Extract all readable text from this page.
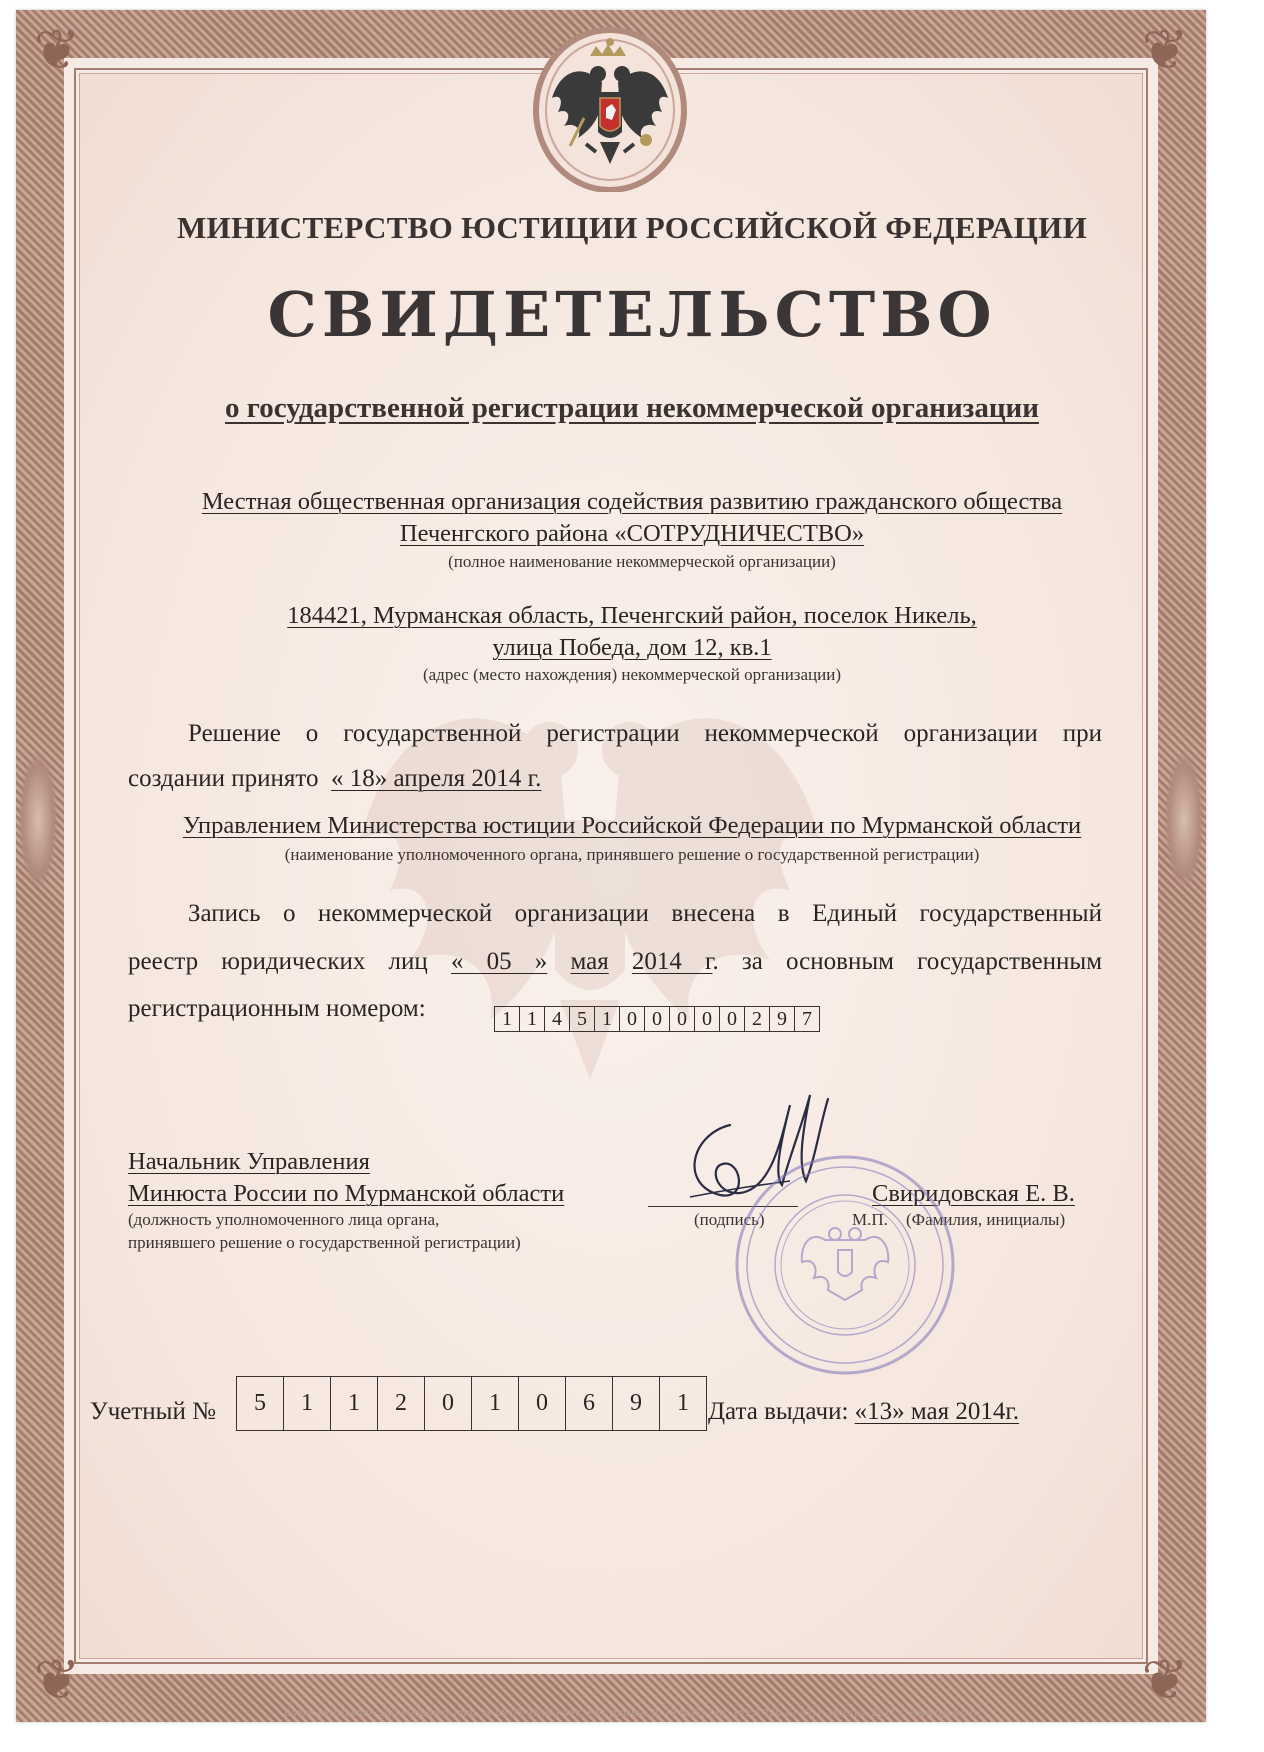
❦	❦
❦	❦
МИНИСТЕРСТВО ЮСТИЦИИ РОССИЙСКОЙ ФЕДЕРАЦИИ
СВИДЕТЕЛЬСТВО
о государственной регистрации некоммерческой организации
Местная общественная организация содействия развитию гражданского общества
Печенгского района «СОТРУДНИЧЕСТВО»
(полное наименование некоммерческой организации)
184421, Мурманская область, Печенгский район, поселок Никель,
улица Победа, дом 12, кв.1
(адрес (место нахождения) некоммерческой организации)
Решение о государственной регистрации некоммерческой организации при
создании принято « 18» апреля 2014 г.
Управлением Министерства юстиции Российской Федерации по Мурманской области
(наименование уполномоченного органа, принявшего решение о государственной регистрации)
Запись о некоммерческой организации внесена в Единый государственный
реестр юридических лиц « 05 » мая 2014 г. за основным государственным
регистрационным номером:	1 1 4 5 1 0 0 0 0 0 2 9 7
Начальник Управления
Минюста России по Мурманской области
(должность уполномоченного лица органа,
принявшего решение о государственной регистрации)
(подпись)	М.П.
Свиридовская Е. В.
(Фамилия, инициалы)
Учетный №	5	1	1	2	0	1	0	6	9	1 Дата выдачи: «13» мая 2014г.
Бланк изготовлен ЗАО «Опцион» (лиц. № 05-05-09/003 ФНС РФ) уровень В, ТЗ №32, Тел.: (495) 726-47-42, г. Москва, 2011 г. www.opcion.ru
